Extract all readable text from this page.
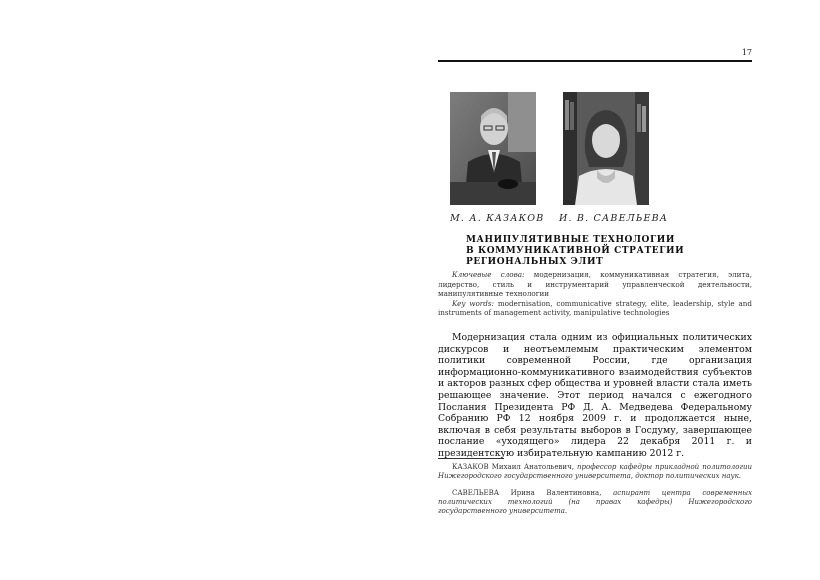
17
М. А. КАЗАКОВ И. В. САВЕЛЬЕВА
МАНИПУЛЯТИВНЫЕ ТЕХНОЛОГИИ
В КОММУНИКАТИВНОЙ СТРАТЕГИИ
РЕГИОНАЛЬНЫХ ЭЛИТ
Ключевые слова: модернизация, коммуникативная стратегия, элита, лидерство, стиль и инструментарий управленческой деятельности, манипулятивные технологии
Key words: modernisation, communicative strategy, elite, leadership, style and instruments of management activity, manipulative technologies
Модернизация стала одним из официальных политических дискурсов и неотъемлемым практическим элементом политики современной России, где организация информационно-коммуникативного взаимодействия субъектов и акторов разных сфер общества и уровней власти стала иметь решающее значение. Этот период начался с ежегодного Послания Президента РФ Д. А. Медведева Федеральному Собранию РФ 12 ноября 2009 г. и продолжается ныне, включая в себя результаты выборов в Госдуму, завершающее послание «уходящего» лидера 22 декабря 2011 г. и президентскую избирательную кампанию 2012 г.
КАЗАКОВ Михаил Анатольевич, профессор кафедры прикладной политологии Нижегородского государственного университета, доктор политических наук.
САВЕЛЬЕВА Ирина Валентиновна, аспирант центра современных политических технологий (на правах кафедры) Нижегородского государственного университета.
